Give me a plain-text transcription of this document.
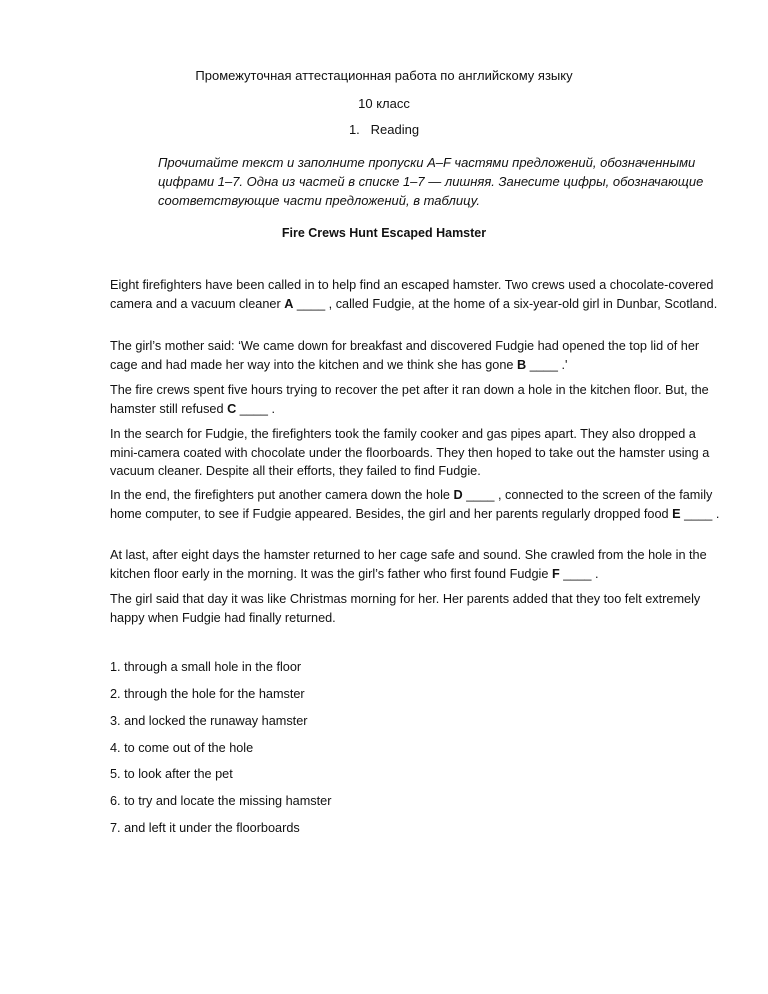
Промежуточная аттестационная работа по английскому языку
10 класс
1. Reading
Прочитайте текст и заполните пропуски A–F частями предложений, обозначенными цифрами 1–7. Одна из частей в списке 1–7 — лишняя. Занесите цифры, обозначающие соответствующие части предложений, в таблицу.
Fire Crews Hunt Escaped Hamster
Eight firefighters have been called in to help find an escaped hamster. Two crews used a chocolate-covered camera and a vacuum cleaner A ____ , called Fudgie, at the home of a six-year-old girl in Dunbar, Scotland.
The girl’s mother said: ‘We came down for breakfast and discovered Fudgie had opened the top lid of her cage and had made her way into the kitchen and we think she has gone B ____ .'
The fire crews spent five hours trying to recover the pet after it ran down a hole in the kitchen floor. But, the hamster still refused C ____ .
In the search for Fudgie, the firefighters took the family cooker and gas pipes apart. They also dropped a mini-camera coated with chocolate under the floorboards. They then hoped to take out the hamster using a vacuum cleaner. Despite all their efforts, they failed to find Fudgie.
In the end, the firefighters put another camera down the hole D ____ , connected to the screen of the family home computer, to see if Fudgie appeared. Besides, the girl and her parents regularly dropped food E ____ .
At last, after eight days the hamster returned to her cage safe and sound. She crawled from the hole in the kitchen floor early in the morning. It was the girl’s father who first found Fudgie F ____ .
The girl said that day it was like Christmas morning for her. Her parents added that they too felt extremely happy when Fudgie had finally returned.
1. through a small hole in the floor
2. through the hole for the hamster
3. and locked the runaway hamster
4. to come out of the hole
5. to look after the pet
6. to try and locate the missing hamster
7. and left it under the floorboards
